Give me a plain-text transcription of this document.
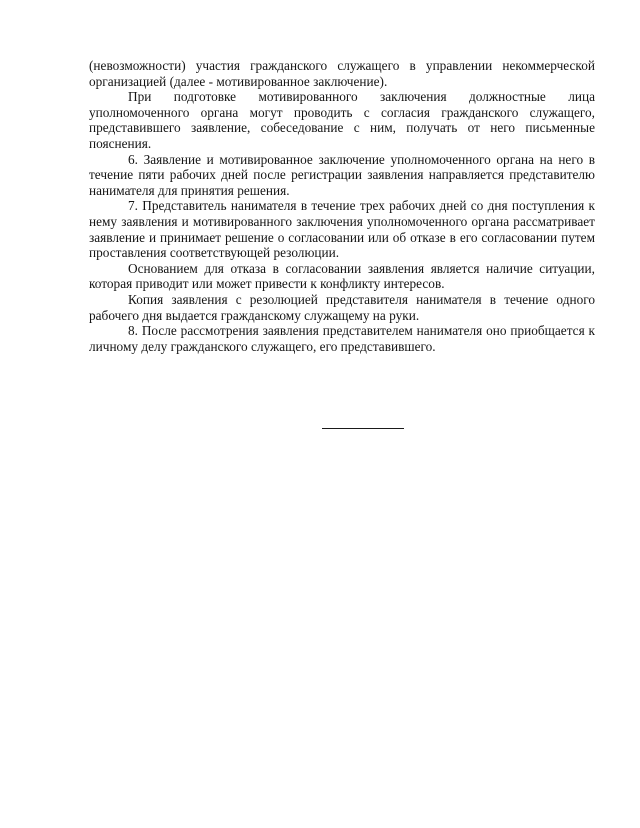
(невозможности) участия гражданского служащего в управлении некоммерческой организацией (далее - мотивированное заключение).

При подготовке мотивированного заключения должностные лица уполномоченного органа могут проводить с согласия гражданского служащего, представившего заявление, собеседование с ним, получать от него письменные пояснения.

6. Заявление и мотивированное заключение уполномоченного органа на него в течение пяти рабочих дней после регистрации заявления направляется представителю нанимателя для принятия решения.

7. Представитель нанимателя в течение трех рабочих дней со дня поступления к нему заявления и мотивированного заключения уполномоченного органа рассматривает заявление и принимает решение о согласовании или об отказе в его согласовании путем проставления соответствующей резолюции.

Основанием для отказа в согласовании заявления является наличие ситуации, которая приводит или может привести к конфликту интересов.

Копия заявления с резолюцией представителя нанимателя в течение одного рабочего дня выдается гражданскому служащему на руки.

8. После рассмотрения заявления представителем нанимателя оно приобщается к личному делу гражданского служащего, его представившего.
